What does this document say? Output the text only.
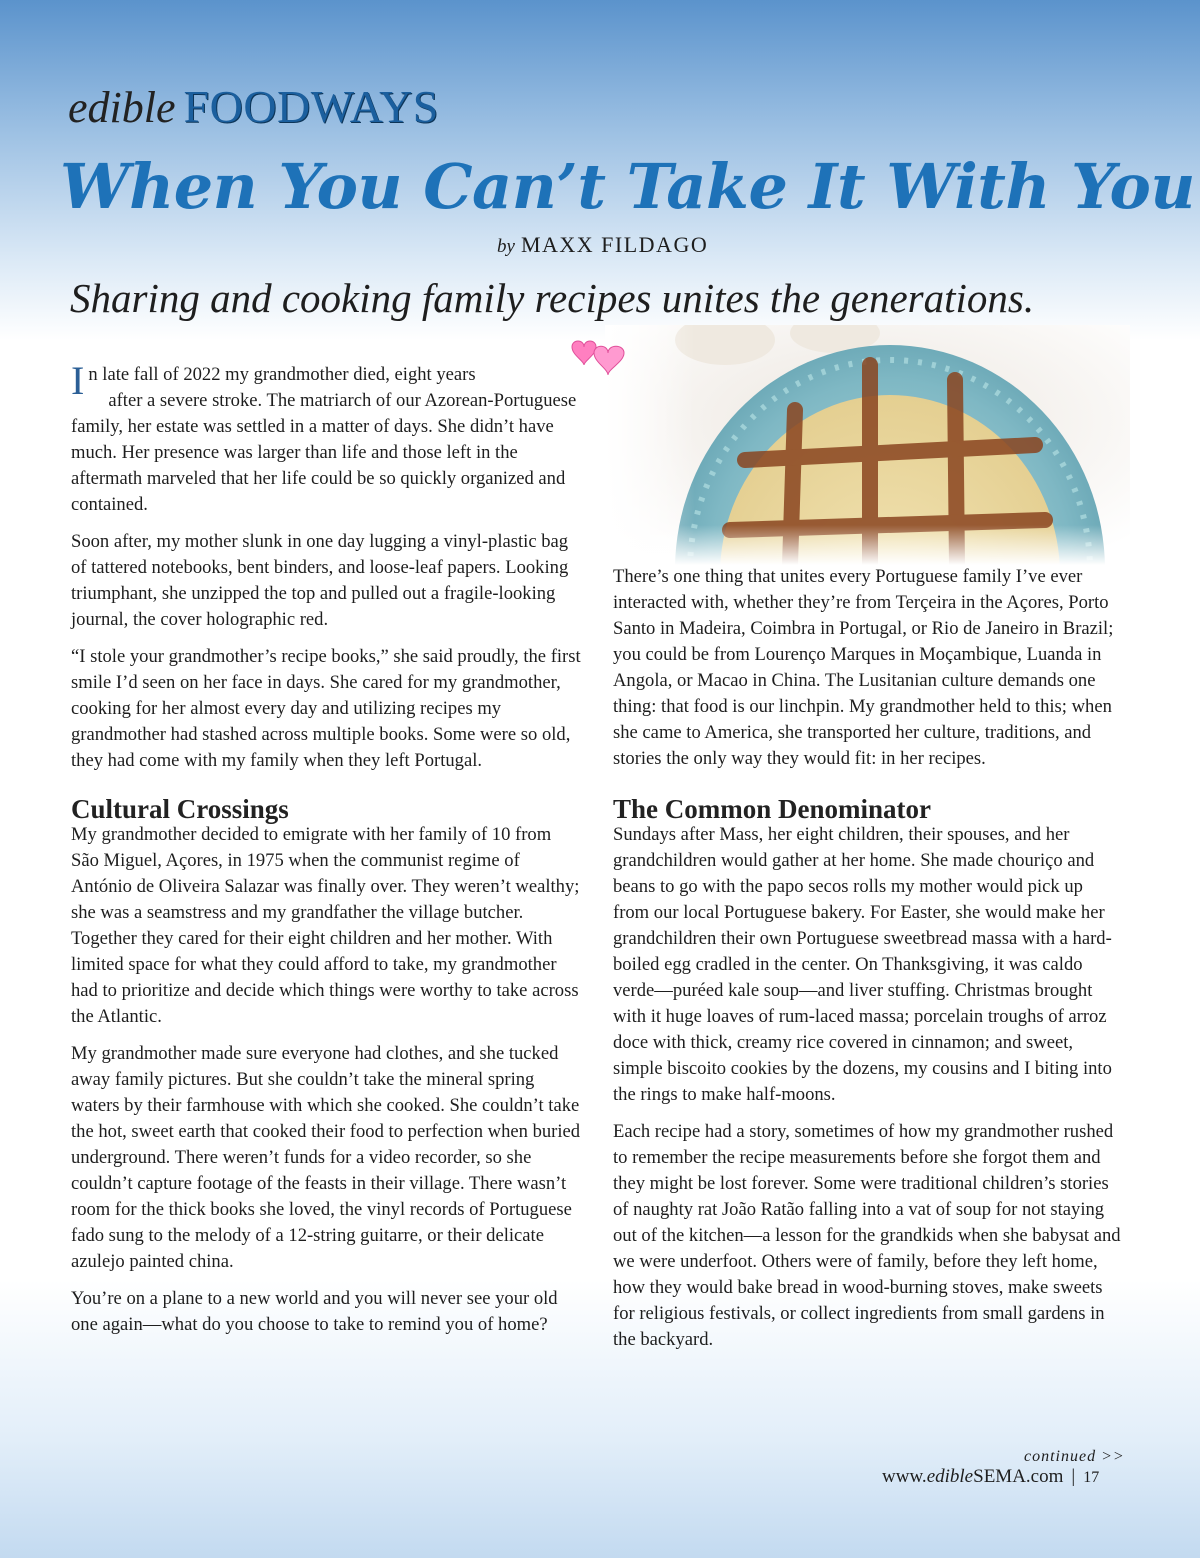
edible FOODWAYS
When You Can’t Take It With You
by MAXX FILDAGO
Sharing and cooking family recipes unites the generations.

In late fall of 2022 my grandmother died, eight years
after a severe stroke. The matriarch of our Azorean-Portuguese family, her estate was settled in a matter of days. She didn’t have much. Her presence was larger than life and those left in the aftermath marveled that her life could be so quickly organized and contained.

Soon after, my mother slunk in one day lugging a vinyl-plastic bag of tattered notebooks, bent binders, and loose-leaf papers. Looking triumphant, she unzipped the top and pulled out a fragile-looking journal, the cover holographic red.

“I stole your grandmother’s recipe books,” she said proudly, the first smile I’d seen on her face in days. She cared for my grandmother, cooking for her almost every day and utilizing recipes my grandmother had stashed across multiple books. Some were so old, they had come with my family when they left Portugal.

Cultural Crossings

My grandmother decided to emigrate with her family of 10 from São Miguel, Açores, in 1975 when the communist regime of António de Oliveira Salazar was finally over. They weren’t wealthy; she was a seamstress and my grandfather the village butcher. Together they cared for their eight children and her mother. With limited space for what they could afford to take, my grandmother had to prioritize and decide which things were worthy to take across the Atlantic.

My grandmother made sure everyone had clothes, and she tucked away family pictures. But she couldn’t take the mineral spring waters by their farmhouse with which she cooked. She couldn’t take the hot, sweet earth that cooked their food to perfection when buried underground. There weren’t funds for a video recorder, so she couldn’t capture footage of the feasts in their village. There wasn’t room for the thick books she loved, the vinyl records of Portuguese fado sung to the melody of a 12-string guitarre, or their delicate azulejo painted china.

You’re on a plane to a new world and you will never see your old one again—what do you choose to take to remind you of home?

There’s one thing that unites every Portuguese family I’ve ever interacted with, whether they’re from Terçeira in the Açores, Porto Santo in Madeira, Coimbra in Portugal, or Rio de Janeiro in Brazil; you could be from Lourenço Marques in Moçambique, Luanda in Angola, or Macao in China. The Lusitanian culture demands one thing: that food is our linchpin. My grandmother held to this; when she came to America, she transported her culture, traditions, and stories the only way they would fit: in her recipes.

The Common Denominator

Sundays after Mass, her eight children, their spouses, and her grandchildren would gather at her home. She made chouriço and beans to go with the papo secos rolls my mother would pick up from our local Portuguese bakery. For Easter, she would make her grandchildren their own Portuguese sweetbread massa with a hard-boiled egg cradled in the center. On Thanksgiving, it was caldo verde—puréed kale soup—and liver stuffing. Christmas brought with it huge loaves of rum-laced massa; porcelain troughs of arroz doce with thick, creamy rice covered in cinnamon; and sweet, simple biscoito cookies by the dozens, my cousins and I biting into the rings to make half-moons.

Each recipe had a story, sometimes of how my grandmother rushed to remember the recipe measurements before she forgot them and they might be lost forever. Some were traditional children’s stories of naughty rat João Ratão falling into a vat of soup for not staying out of the kitchen—a lesson for the grandkids when she babysat and we were underfoot. Others were of family, before they left home, how they would bake bread in wood-burning stoves, make sweets for religious festivals, or collect ingredients from small gardens in the backyard.

continued >>
www.edibleSEMA.com | 17
